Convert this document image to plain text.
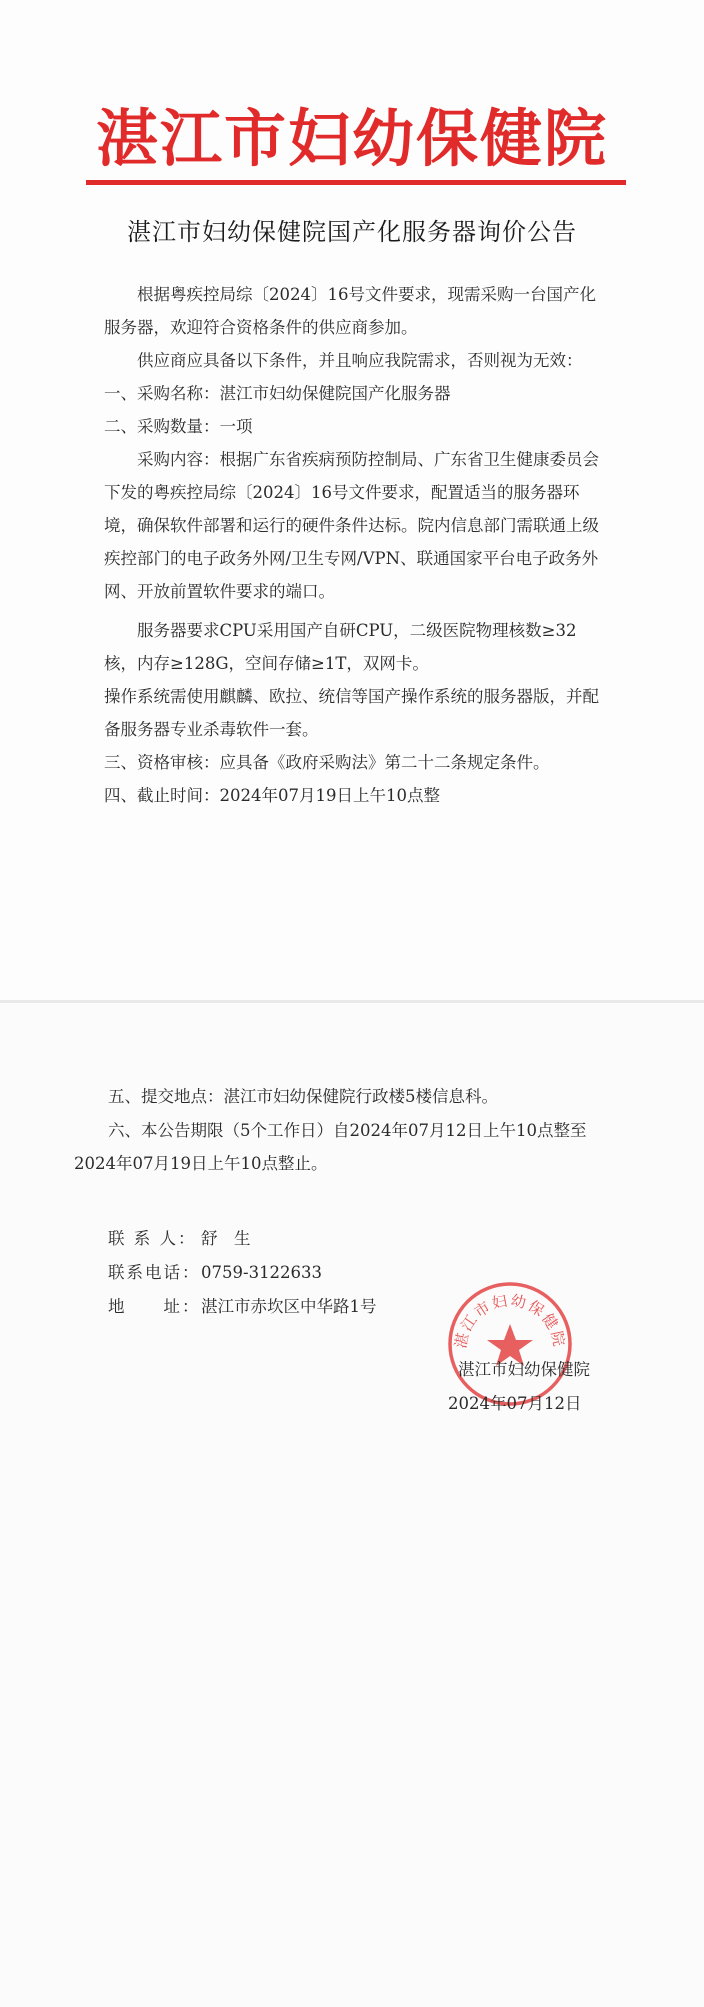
湛江市妇幼保健院
湛江市妇幼保健院国产化服务器询价公告

根据粤疾控局综〔2024〕16号文件要求，现需采购一台国产化服务器，欢迎符合资格条件的供应商参加。

供应商应具备以下条件，并且响应我院需求，否则视为无效：

一、采购名称：湛江市妇幼保健院国产化服务器

二、采购数量：一项

采购内容：根据广东省疾病预防控制局、广东省卫生健康委员会下发的粤疾控局综〔2024〕16号文件要求，配置适当的服务器环境，确保软件部署和运行的硬件条件达标。院内信息部门需联通上级疾控部门的电子政务外网/卫生专网/VPN、联通国家平台电子政务外网、开放前置软件要求的端口。

服务器要求CPU采用国产自研CPU，二级医院物理核数≥32核，内存≥128G，空间存储≥1T，双网卡。

操作系统需使用麒麟、欧拉、统信等国产操作系统的服务器版，并配备服务器专业杀毒软件一套。

三、资格审核：应具备《政府采购法》第二十二条规定条件。

四、截止时间：2024年07月19日上午10点整

五、提交地点：湛江市妇幼保健院行政楼5楼信息科。
六、本公告期限（5个工作日）自2024年07月12日上午10点整至2024年07月19日上午10点整止。
联 系 人： 舒　生
联系电话：0759-3122633
地　　址：湛江市赤坎区中华路1号
湛江市妇幼保健院
湛江市妇幼保健院
2024年07月12日
